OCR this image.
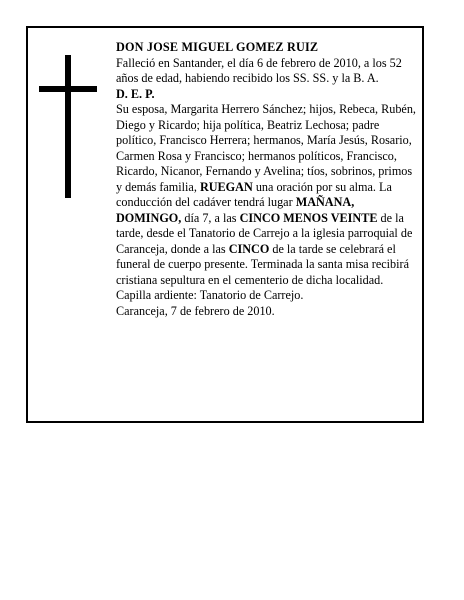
DON JOSE MIGUEL GOMEZ RUIZ

Falleció en Santander, el día 6 de febrero de 2010, a los 52 años de edad, habiendo recibido los SS. SS. y la B. A.

D. E. P.

Su esposa, Margarita Herrero Sánchez; hijos, Rebeca, Rubén, Diego y Ricardo; hija política, Beatriz Lechosa; padre político, Francisco Herrera; hermanos, María Jesús, Rosario, Carmen Rosa y Francisco; hermanos políticos, Francisco, Ricardo, Nicanor, Fernando y Avelina; tíos, sobrinos, primos y demás familia, RUEGAN una oración por su alma. La conducción del cadáver tendrá lugar MAÑANA, DOMINGO, día 7, a las CINCO MENOS VEINTE de la tarde, desde el Tanatorio de Carrejo a la iglesia parroquial de Caranceja, donde a las CINCO de la tarde se celebrará el funeral de cuerpo presente. Terminada la santa misa recibirá cristiana sepultura en el cementerio de dicha localidad. Capilla ardiente: Tanatorio de Carrejo.

Caranceja, 7 de febrero de 2010.
